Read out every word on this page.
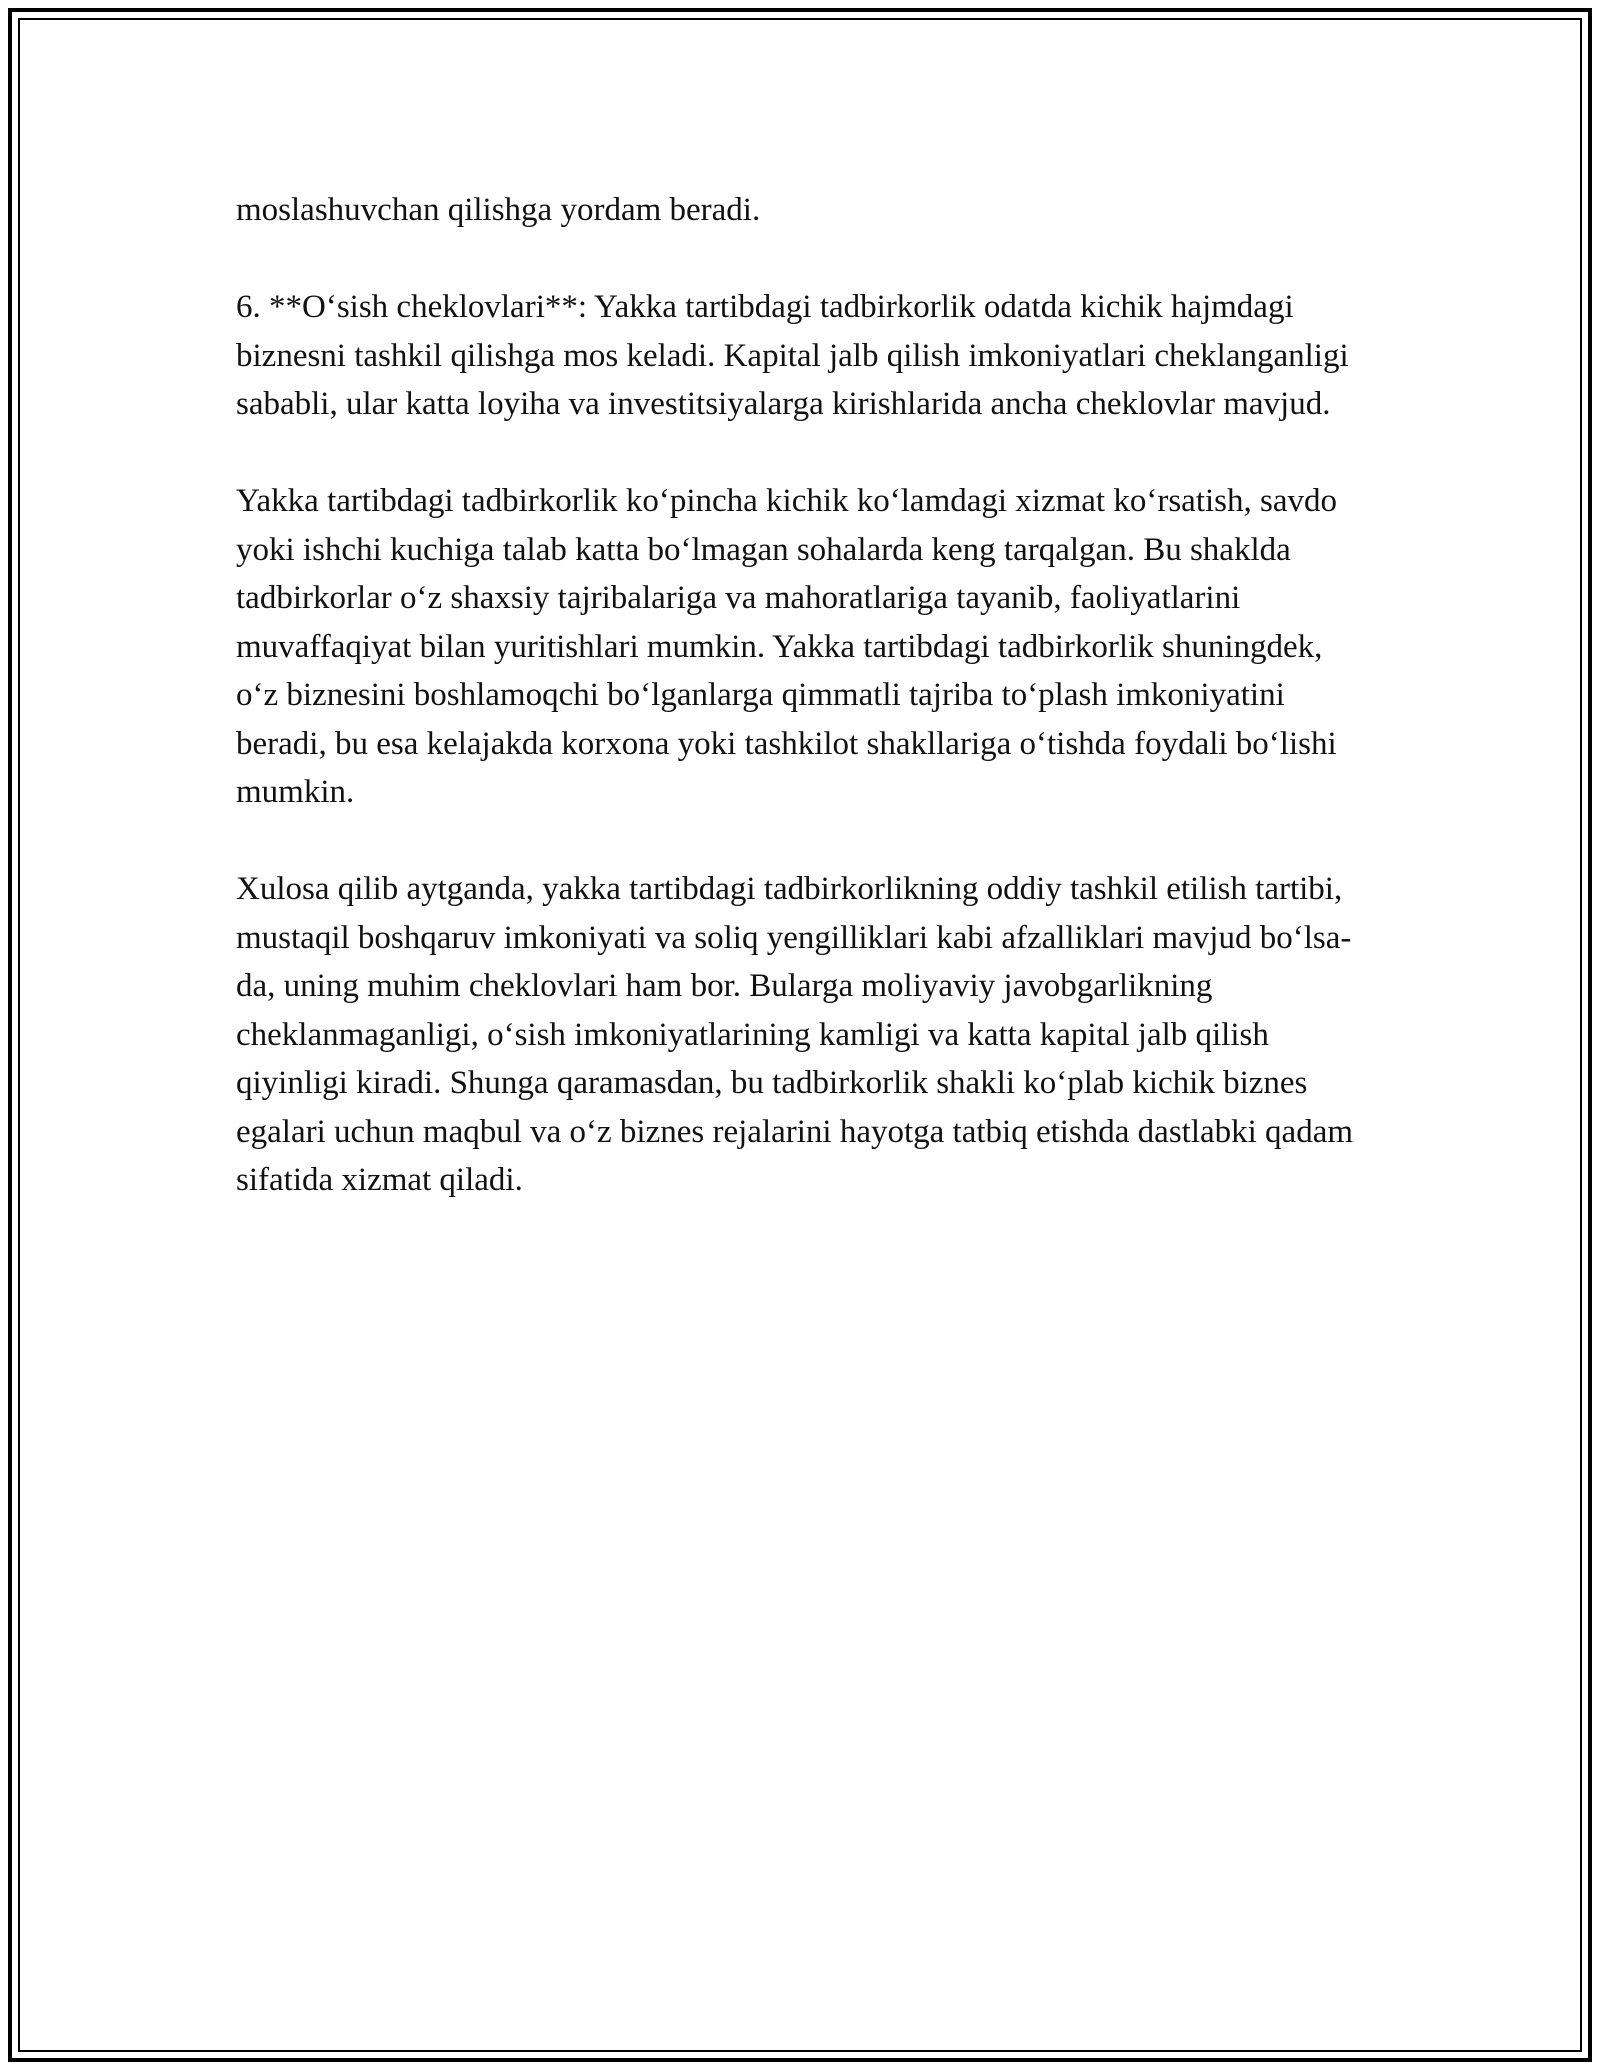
moslashuvchan qilishga yordam beradi.

6. **O‘sish cheklovlari**: Yakka tartibdagi tadbirkorlik odatda kichik hajmdagi biznesni tashkil qilishga mos keladi. Kapital jalb qilish imkoniyatlari cheklanganligi sababli, ular katta loyiha va investitsiyalarga kirishlarida ancha cheklovlar mavjud.

Yakka tartibdagi tadbirkorlik ko‘pincha kichik ko‘lamdagi xizmat ko‘rsatish, savdo yoki ishchi kuchiga talab katta bo‘lmagan sohalarda keng tarqalgan. Bu shaklda tadbirkorlar o‘z shaxsiy tajribalariga va mahoratlariga tayanib, faoliyatlarini muvaffaqiyat bilan yuritishlari mumkin. Yakka tartibdagi tadbirkorlik shuningdek, o‘z biznesini boshlamoqchi bo‘lganlarga qimmatli tajriba to‘plash imkoniyatini beradi, bu esa kelajakda korxona yoki tashkilot shakllariga o‘tishda foydali bo‘lishi mumkin.

Xulosa qilib aytganda, yakka tartibdagi tadbirkorlikning oddiy tashkil etilish tartibi, mustaqil boshqaruv imkoniyati va soliq yengilliklari kabi afzalliklari mavjud bo‘lsa-da, uning muhim cheklovlari ham bor. Bularga moliyaviy javobgarlikning cheklanmaganligi, o‘sish imkoniyatlarining kamligi va katta kapital jalb qilish qiyinligi kiradi. Shunga qaramasdan, bu tadbirkorlik shakli ko‘plab kichik biznes egalari uchun maqbul va o‘z biznes rejalarini hayotga tatbiq etishda dastlabki qadam sifatida xizmat qiladi.
